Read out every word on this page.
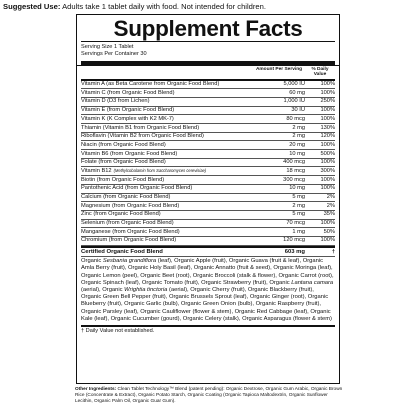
Suggested Use: Adults take 1 tablet daily with food. Not intended for children.
Supplement Facts
Serving Size 1 Tablet
Servings Per Container 30
Amount Per Serving	% Daily Value
Vitamin A (as Beta Carotene from Organic Food Blend)	5,000 IU	100%
Vitamin C (from Organic Food Blend)	60 mg	100%
Vitamin D (D3 from Lichen)	1,000 IU	250%
Vitamin E (from Organic Food Blend)	30 IU	100%
Vitamin K (K Complex with K2 MK-7)	80 mcg	100%
Thiamin (Vitamin B1 from Organic Food Blend)	2 mg	130%
Riboflavin (Vitamin B2 from Organic Food Blend)	2 mg	120%
Niacin (from Organic Food Blend)	20 mg	100%
Vitamin B6 (from Organic Food Blend)	10 mg	500%
Folate (from Organic Food Blend)	400 mcg	100%
Vitamin B12 (Methylcobalamin from Saccharomyces cerevisiae)	18 mcg	300%
Biotin (from Organic Food Blend)	300 mcg	100%
Pantothenic Acid (from Organic Food Blend)	10 mg	100%
Calcium (from Organic Food Blend)	5 mg	2%
Magnesium (from Organic Food Blend)	2 mg	2%
Zinc (from Organic Food Blend)	5 mg	35%
Selenium (from Organic Food Blend)	70 mcg	100%
Manganese (from Organic Food Blend)	1 mg	50%
Chromium (from Organic Food Blend)	120 mcg	100%
Certified Organic Food Blend	603 mg	†
Organic Sesbania grandiflora (leaf), Organic Apple (fruit), Organic Guava (fruit & leaf), Organic Amla Berry (fruit), Organic Holy Basil (leaf), Organic Annatto (fruit & seed), Organic Moringa (leaf), Organic Lemon (peel), Organic Beet (root), Organic Broccoli (stalk & flower), Organic Carrot (root), Organic Spinach (leaf), Organic Tomato (fruit), Organic Strawberry (fruit), Organic Lantana camara (aerial), Organic Wrightia tinctoria (aerial), Organic Cherry (fruit), Organic Blackberry (fruit), Organic Green Bell Pepper (fruit), Organic Brussels Sprout (leaf), Organic Ginger (root), Organic Blueberry (fruit), Organic Garlic (bulb), Organic Green Onion (bulb), Organic Raspberry (fruit), Organic Parsley (leaf), Organic Cauliflower (flower & stem), Organic Red Cabbage (leaf), Organic Kale (leaf), Organic Cucumber (gourd), Organic Celery (stalk), Organic Asparagus (flower & stem)
† Daily Value not established.
Other Ingredients: Clean Tablet Technology™ Blend (patent pending): Organic Dextrose, Organic Gum Arabic, Organic Brown Rice (Concentrate & Extract), Organic Potato Starch, Organic Coating (Organic Tapioca Maltodextrin, Organic Sunflower Lecithin, Organic Palm Oil, Organic Guar Gum).
